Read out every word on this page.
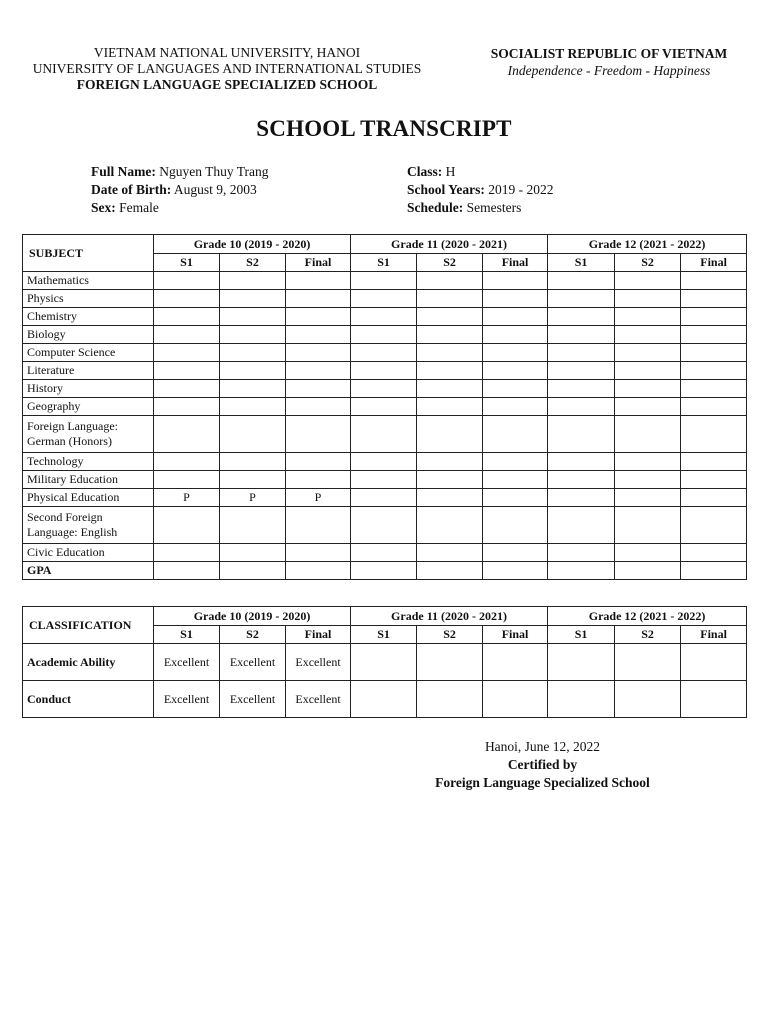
VIETNAM NATIONAL UNIVERSITY, HANOI
UNIVERSITY OF LANGUAGES AND INTERNATIONAL STUDIES
FOREIGN LANGUAGE SPECIALIZED SCHOOL
SOCIALIST REPUBLIC OF VIETNAM
Independence - Freedom - Happiness
SCHOOL TRANSCRIPT
Full Name: Nguyen Thuy Trang
Date of Birth: August 9, 2003
Sex: Female
Class: H
School Years: 2019 - 2022
Schedule: Semesters
SUBJECT	Grade 10 (2019 - 2020)			Grade 11 (2020 - 2021)			Grade 12 (2021 - 2022)		
	S1	S2	Final	S1	S2	Final	S1	S2	Final
Mathematics									
Physics									
Chemistry									
Biology									
Computer Science									
Literature									
History									
Geography									
Foreign Language: German (Honors)									
Technology									
Military Education									
Physical Education	P	P	P						
Second Foreign Language: English									
Civic Education									
GPA									
CLASSIFICATION	Grade 10 (2019 - 2020)			Grade 11 (2020 - 2021)			Grade 12 (2021 - 2022)		
	S1	S2	Final	S1	S2	Final	S1	S2	Final
Academic Ability	Excellent	Excellent	Excellent						
Conduct	Excellent	Excellent	Excellent						
Hanoi, June 12, 2022
Certified by
Foreign Language Specialized School
